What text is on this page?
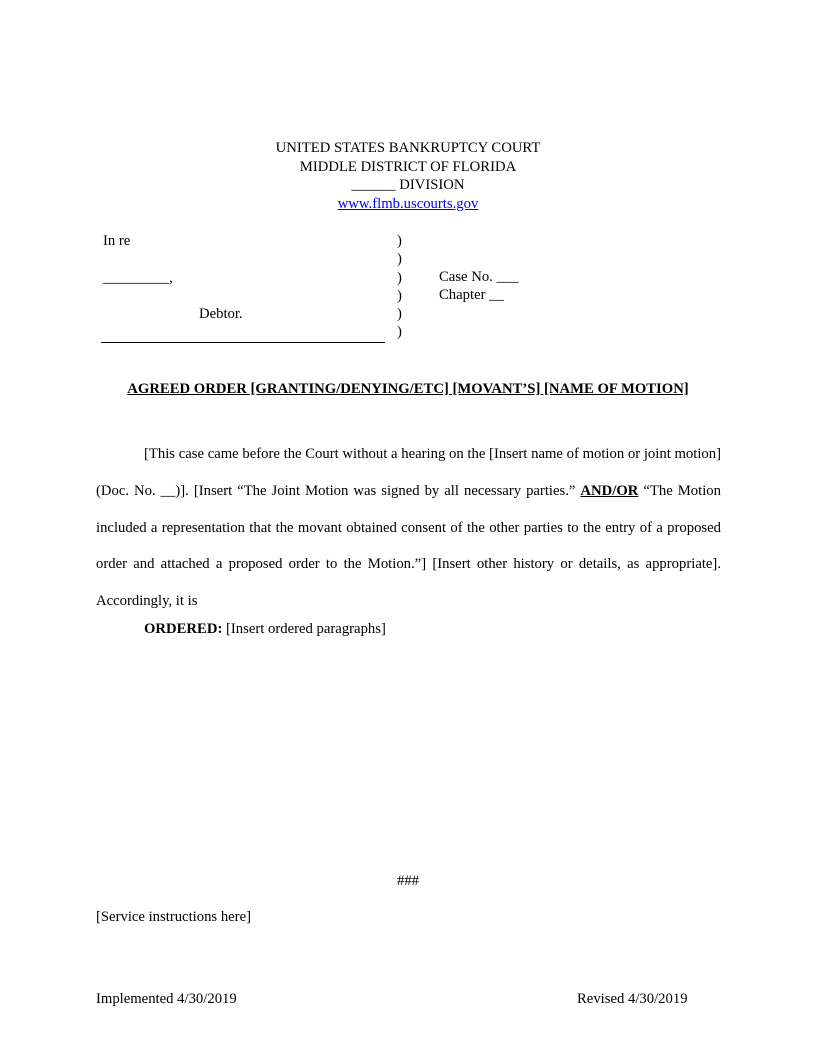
UNITED STATES BANKRUPTCY COURT
MIDDLE DISTRICT OF FLORIDA
______ DIVISION
www.flmb.uscourts.gov
In re

_________,

Debtor.
)
)
)
)
)
)
Case No. ___
Chapter __
AGREED ORDER [GRANTING/DENYING/ETC] [MOVANT’S] [NAME OF MOTION]

[This case came before the Court without a hearing on the [Insert name of motion or joint motion] (Doc. No. __)]. [Insert “The Joint Motion was signed by all necessary parties.” AND/OR “The Motion included a representation that the movant obtained consent of the other parties to the entry of a proposed order and attached a proposed order to the Motion.”] [Insert other history or details, as appropriate]. Accordingly, it is

ORDERED: [Insert ordered paragraphs]
###
[Service instructions here]
Implemented 4/30/2019	Revised 4/30/2019
